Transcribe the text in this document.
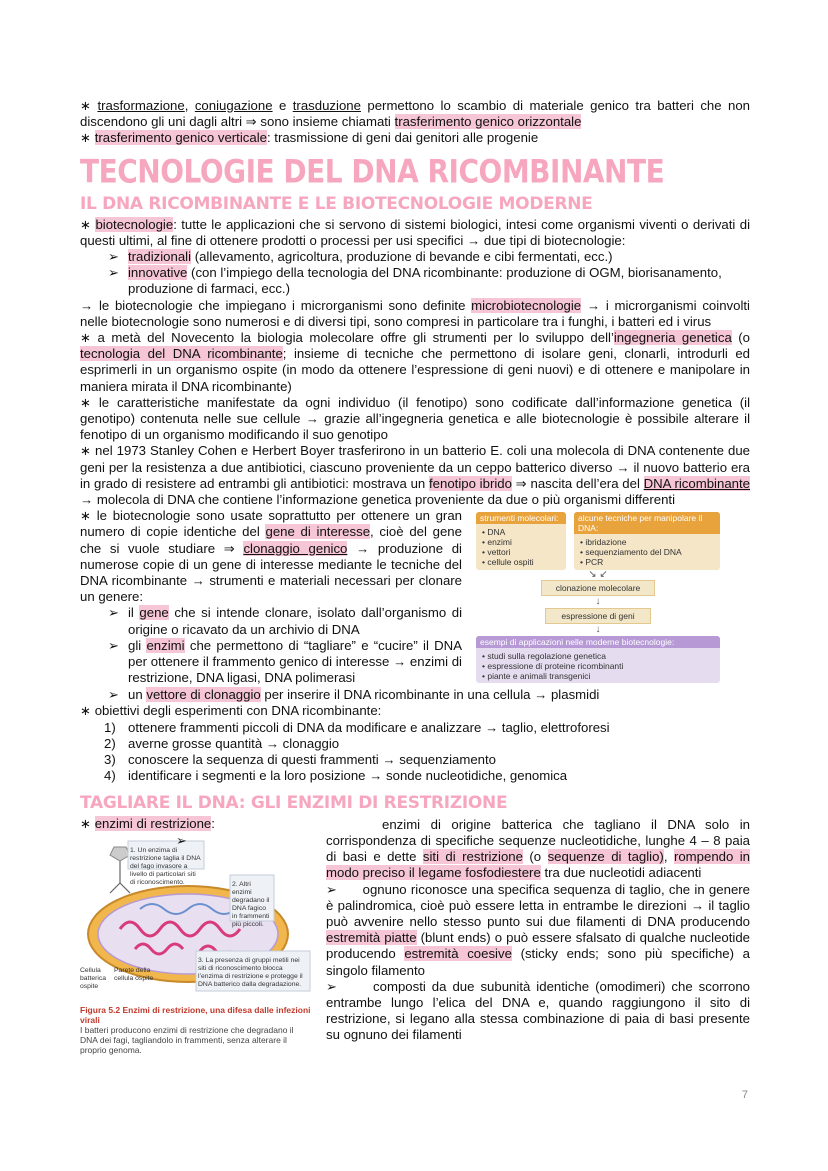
∗ trasformazione, coniugazione e trasduzione permettono lo scambio di materiale genico tra batteri che non discendono gli uni dagli altri ⇒ sono insieme chiamati trasferimento genico orizzontale

∗ trasferimento genico verticale: trasmissione di geni dai genitori alle progenie

TECNOLOGIE DEL DNA RICOMBINANTE
IL DNA RICOMBINANTE E LE BIOTECNOLOGIE MODERNE

∗ biotecnologie: tutte le applicazioni che si servono di sistemi biologici, intesi come organismi viventi o derivati di questi ultimi, al fine di ottenere prodotti o processi per usi specifici → due tipi di biotecnologie:

➢ tradizionali (allevamento, agricoltura, produzione di bevande e cibi fermentati, ecc.)

➢ innovative (con l’impiego della tecnologia del DNA ricombinante: produzione di OGM, biorisanamento, produzione di farmaci, ecc.)

→ le biotecnologie che impiegano i microrganismi sono definite microbiotecnologie → i microrganismi coinvolti nelle biotecnologie sono numerosi e di diversi tipi, sono compresi in particolare tra i funghi, i batteri ed i virus

∗ a metà del Novecento la biologia molecolare offre gli strumenti per lo sviluppo dell’ingegneria genetica (o tecnologia del DNA ricombinante; insieme di tecniche che permettono di isolare geni, clonarli, introdurli ed esprimerli in un organismo ospite (in modo da ottenere l’espressione di geni nuovi) e di ottenere e manipolare in maniera mirata il DNA ricombinante)

∗ le caratteristiche manifestate da ogni individuo (il fenotipo) sono codificate dall’informazione genetica (il genotipo) contenuta nelle sue cellule → grazie all’ingegneria genetica e alle biotecnologie è possibile alterare il fenotipo di un organismo modificando il suo genotipo

∗ nel 1973 Stanley Cohen e Herbert Boyer trasferirono in un batterio E. coli una molecola di DNA contenente due geni per la resistenza a due antibiotici, ciascuno proveniente da un ceppo batterico diverso → il nuovo batterio era in grado di resistere ad entrambi gli antibiotici: mostrava un fenotipo ibrido ⇒ nascita dell’era del DNA ricombinante → molecola di DNA che contiene l’informazione genetica proveniente da due o più organismi differenti

strumenti molecolari:
• DNA
• enzimi
• vettori
• cellule ospiti
alcune tecniche per manipolare il DNA:
• ibridazione
• sequenziamento del DNA
• PCR
↘ ↙
clonazione molecolare
↓
espressione di geni
↓
esempi di applicazioni nelle moderne biotecnologie:
• studi sulla regolazione genetica
• espressione di proteine ricombinanti
• piante e animali transgenici

∗ le biotecnologie sono usate soprattutto per ottenere un gran numero di copie identiche del gene di interesse, cioè del gene che si vuole studiare ⇒ clonaggio genico → produzione di numerose copie di un gene di interesse mediante le tecniche del DNA ricombinante → strumenti e materiali necessari per clonare un genere:

➢ il gene che si intende clonare, isolato dall’organismo di origine o ricavato da un archivio di DNA

➢ gli enzimi che permettono di “tagliare” e “cucire” il DNA per ottenere il frammento genico di interesse → enzimi di restrizione, DNA ligasi, DNA polimerasi

➢ un vettore di clonaggio per inserire il DNA ricombinante in una cellula → plasmidi

∗ obiettivi degli esperimenti con DNA ricombinante:

1) ottenere frammenti piccoli di DNA da modificare e analizzare → taglio, elettroforesi

2) averne grosse quantità → clonaggio

3) conoscere la sequenza di questi frammenti → sequenziamento

4) identificare i segmenti e la loro posizione → sonde nucleotidiche, genomica

TAGLIARE IL DNA: GLI ENZIMI DI RESTRIZIONE

∗ enzimi di restrizione:

➢

1. Un enzima di restrizione taglia il DNA del fago invasore a livello di particolari siti di riconoscimento.	2. Altri enzimi degradano il DNA fagico in frammenti più piccoli.
3. La presenza di gruppi metili nei siti di riconoscimento blocca l’enzima di restrizione e protegge il DNA batterico dalla degradazione.
Cellula batterica ospite
Parete della cellula ospite
Figura 5.2 Enzimi di restrizione, una difesa dalle infezioni virali
I batteri producono enzimi di restrizione che degradano il DNA dei fagi, tagliandolo in frammenti, senza alterare il proprio genoma.

enzimi di origine batterica che tagliano il DNA solo in corrispondenza di specifiche sequenze nucleotidiche, lunghe 4 – 8 paia di basi e dette siti di restrizione (o sequenze di taglio), rompendo in modo preciso il legame fosfodiestere tra due nucleotidi adiacenti

➢ ognuno riconosce una specifica sequenza di taglio, che in genere è palindromica, cioè può essere letta in entrambe le direzioni → il taglio può avvenire nello stesso punto sui due filamenti di DNA producendo estremità piatte (blunt ends) o può essere sfalsato di qualche nucleotide producendo estremità coesive (sticky ends; sono più specifiche) a singolo filamento

➢	composti da due subunità identiche (omodimeri) che scorrono entrambe lungo l’elica del DNA e, quando raggiungono il sito di restrizione, si legano alla stessa combinazione di paia di basi presente su ognuno dei filamenti

7
